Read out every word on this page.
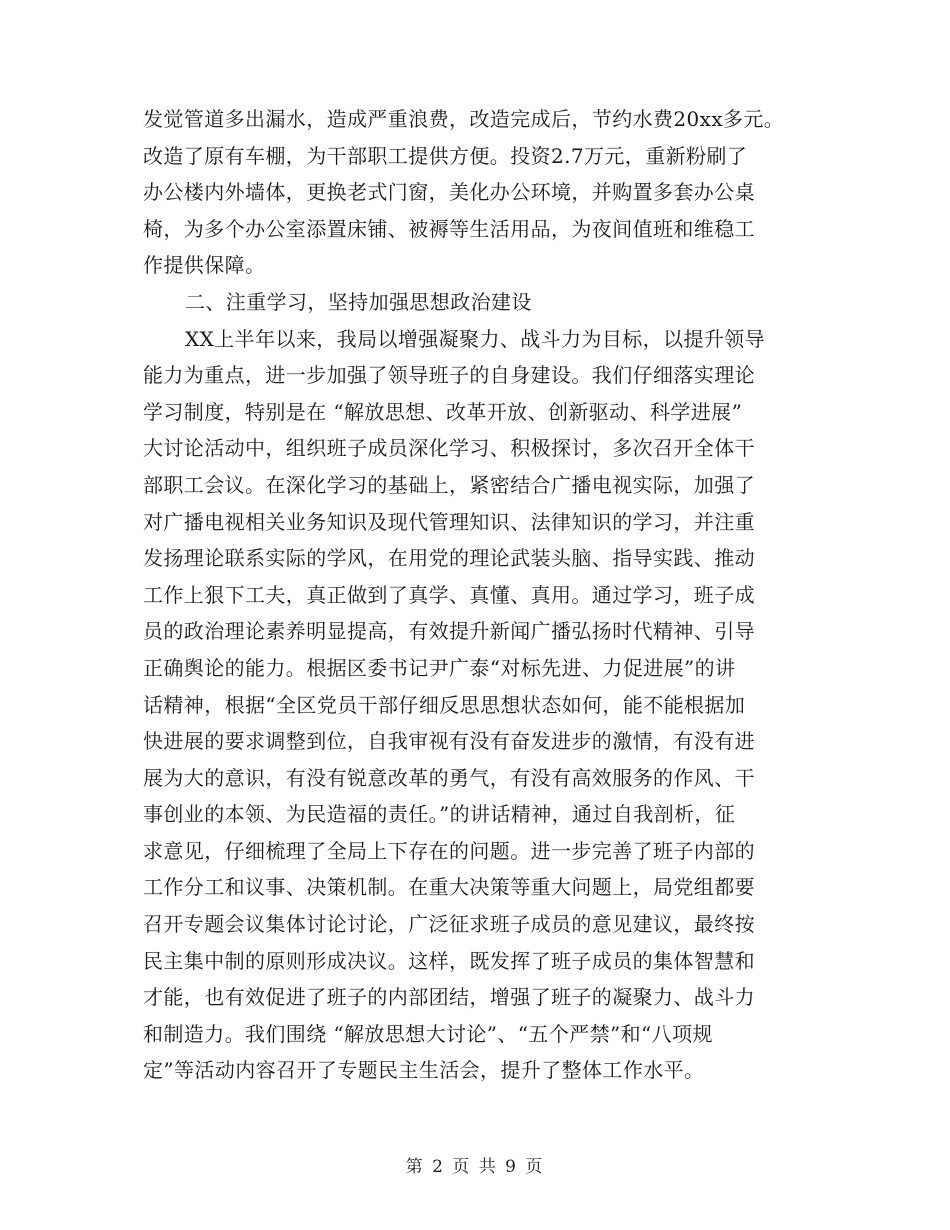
发觉管道多出漏水，造成严重浪费，改造完成后，节约水费20xx多元。
改造了原有车棚，为干部职工提供方便。投资2.7万元，重新粉刷了
办公楼内外墙体，更换老式门窗，美化办公环境，并购置多套办公桌
椅，为多个办公室添置床铺、被褥等生活用品，为夜间值班和维稳工
作提供保障。
二、注重学习，坚持加强思想政治建设
XX上半年以来，我局以增强凝聚力、战斗力为目标，以提升领导
能力为重点，进一步加强了领导班子的自身建设。我们仔细落实理论
学习制度，特别是在 “解放思想、改革开放、创新驱动、科学进展”
大讨论活动中，组织班子成员深化学习、积极探讨，多次召开全体干
部职工会议。在深化学习的基础上，紧密结合广播电视实际，加强了
对广播电视相关业务知识及现代管理知识、法律知识的学习，并注重
发扬理论联系实际的学风，在用党的理论武装头脑、指导实践、推动
工作上狠下工夫，真正做到了真学、真懂、真用。通过学习，班子成
员的政治理论素养明显提高，有效提升新闻广播弘扬时代精神、引导
正确舆论的能力。根据区委书记尹广泰“对标先进、力促进展”的讲
话精神，根据“全区党员干部仔细反思思想状态如何，能不能根据加
快进展的要求调整到位，自我审视有没有奋发进步的激情，有没有进
展为大的意识，有没有锐意改革的勇气，有没有高效服务的作风、干
事创业的本领、为民造福的责任。”的讲话精神，通过自我剖析，征
求意见，仔细梳理了全局上下存在的问题。进一步完善了班子内部的
工作分工和议事、决策机制。在重大决策等重大问题上，局党组都要
召开专题会议集体讨论讨论，广泛征求班子成员的意见建议，最终按
民主集中制的原则形成决议。这样，既发挥了班子成员的集体智慧和
才能，也有效促进了班子的内部团结，增强了班子的凝聚力、战斗力
和制造力。我们围绕 “解放思想大讨论”、“五个严禁”和“八项规
定”等活动内容召开了专题民主生活会，提升了整体工作水平。
第 2 页 共 9 页
